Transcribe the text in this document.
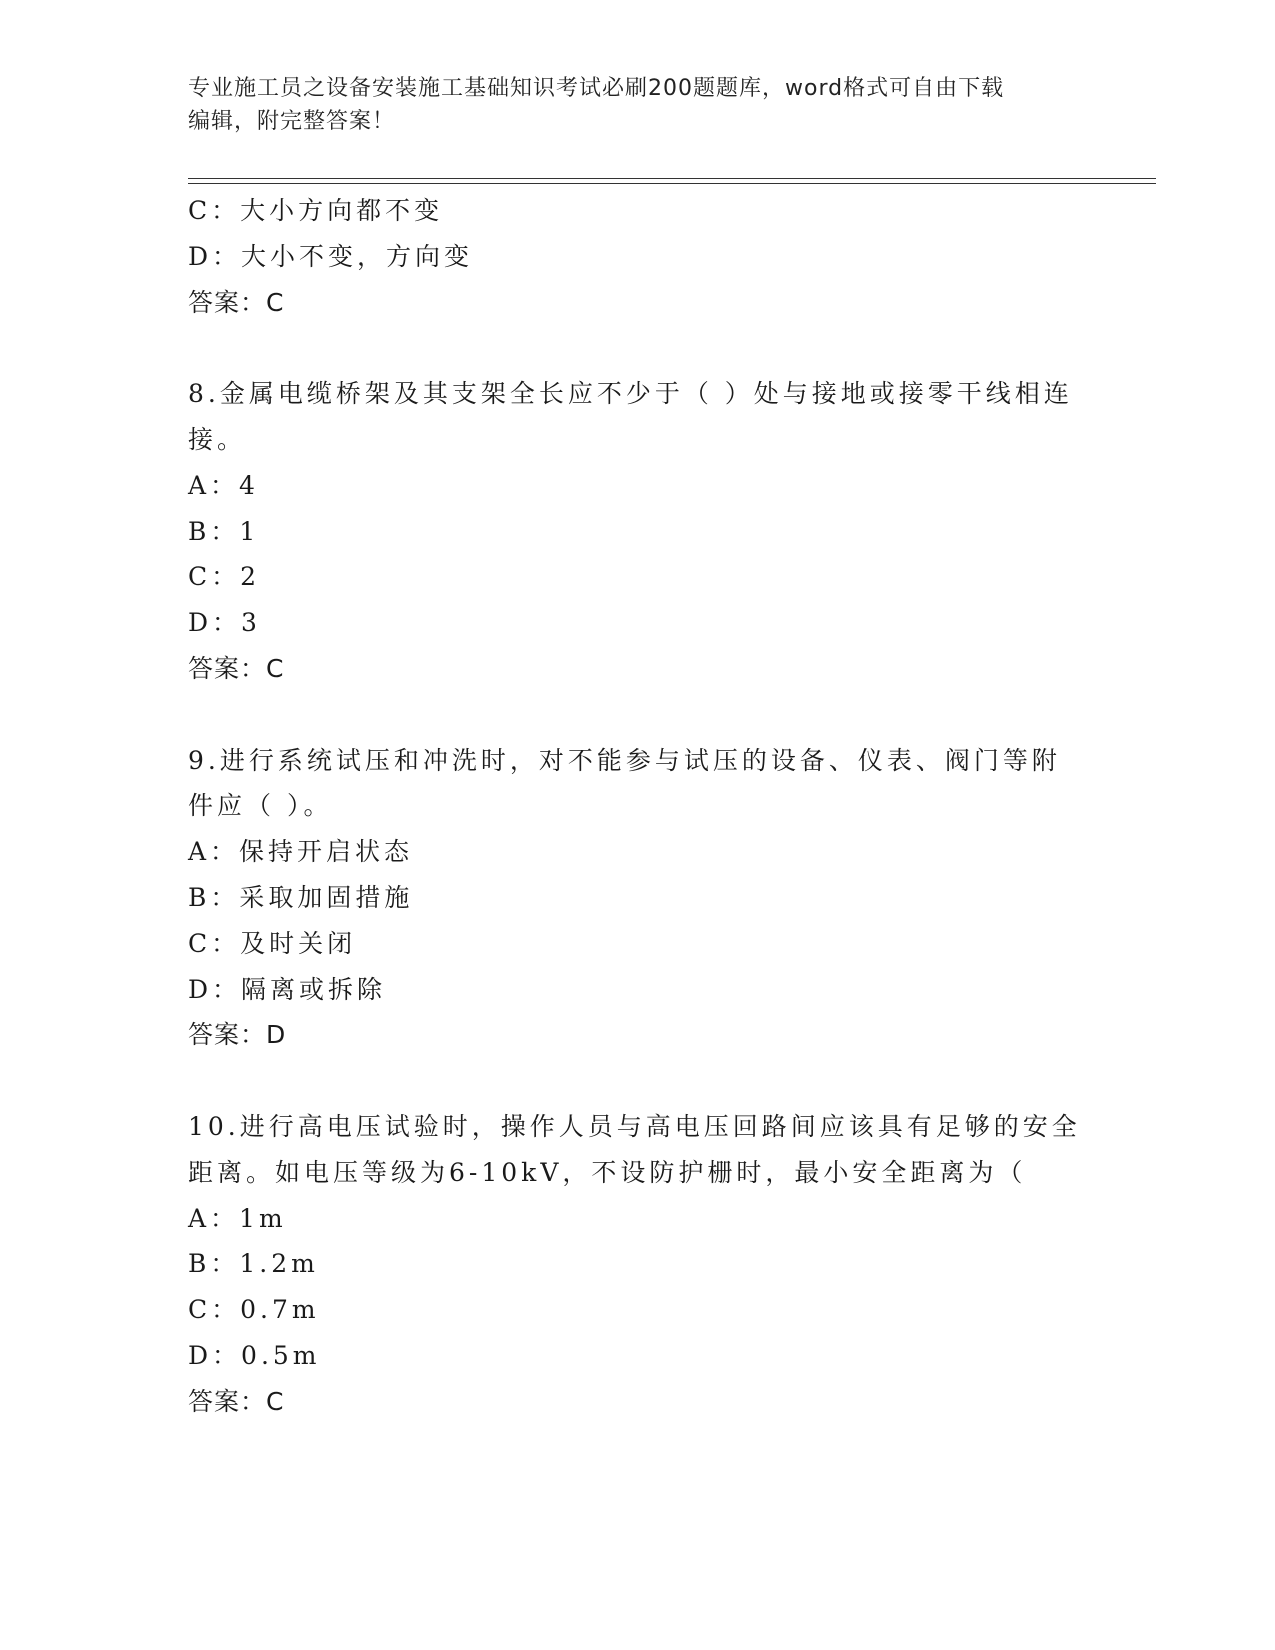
专业施工员之设备安装施工基础知识考试必刷200题题库，word格式可自由下载
编辑，附完整答案！
C：大小方向都不变
D：大小不变，方向变
答案：C
8.金属电缆桥架及其支架全长应不少于（ ）处与接地或接零干线相连
接。
A：4
B：1
C：2
D：3
答案：C
9.进行系统试压和冲洗时，对不能参与试压的设备、仪表、阀门等附
件应（ ）。
A：保持开启状态
B：采取加固措施
C：及时关闭
D：隔离或拆除
答案：D
10.进行高电压试验时，操作人员与高电压回路间应该具有足够的安全
距离。如电压等级为6-10kV，不设防护栅时，最小安全距离为（
A：1m
B：1.2m
C：0.7m
D：0.5m
答案：C
